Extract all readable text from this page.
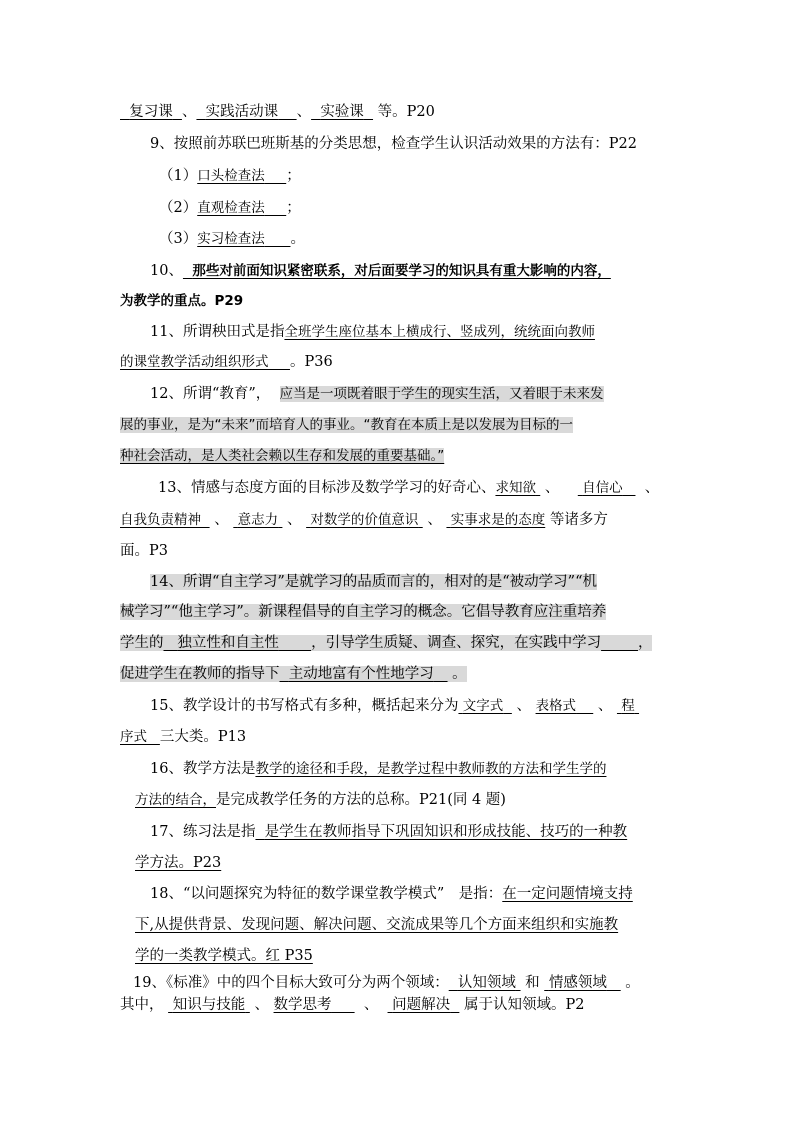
复习课 、 实践活动课 、 实验课 等。P20
9、按照前苏联巴班斯基的分类思想，检查学生认识活动效果的方法有：P22
（1）口头检查法 ；
（2）直观检查法 ；
（3）实习检查法 。
10、 那些对前面知识紧密联系，对后面要学习的知识具有重大影响的内容，
为教学的重点。P29
11、所谓秧田式是指全班学生座位基本上横成行、竖成列，统统面向教师
的课堂教学活动组织形式 。P36
12、所谓“教育”， 应当是一项既着眼于学生的现实生活，又着眼于未来发
展的事业，是为“未来”而培育人的事业。“教育在本质上是以发展为目标的一
种社会活动，是人类社会赖以生存和发展的重要基础。”
13、情感与态度方面的目标涉及数学学习的好奇心、求知欲 、 自信心 、
自我负责精神 、 意志力 、 对数学的价值意识 、 实事求是的态度 等诸多方
面。P3
14、所谓“自主学习”是就学习的品质而言的，相对的是“被动学习”“机
械学习”“他主学习”。新课程倡导的自主学习的概念。它倡导教育应注重培养
学生的 独立性和自主性 ，引导学生质疑、调查、探究，在实践中学习	，
促进学生在教师的指导下 主动地富有个性地学习 。
15、教学设计的书写格式有多种，概括起来分为 文字式 、 表格式 、 程
序式 三大类。P13
16、教学方法是教学的途径和手段，是教学过程中教师教的方法和学生学的
方法的结合，是完成教学任务的方法的总称。P21(同 4 题)
17、练习法是指 是学生在教师指导下巩固知识和形成技能、技巧的一种教
学方法。P23
18、“以问题探究为特征的数学课堂教学模式”　是指：在一定问题情境支持
下,从提供背景、发现问题、解决问题、交流成果等几个方面来组织和实施教
学的一类教学模式。红 P35
19、《标准》中的四个目标大致可分为两个领域： 认知领域 和 情感领域 。
其中， 知识与技能 、 数学思考 、 问题解决 属于认知领域。P2
